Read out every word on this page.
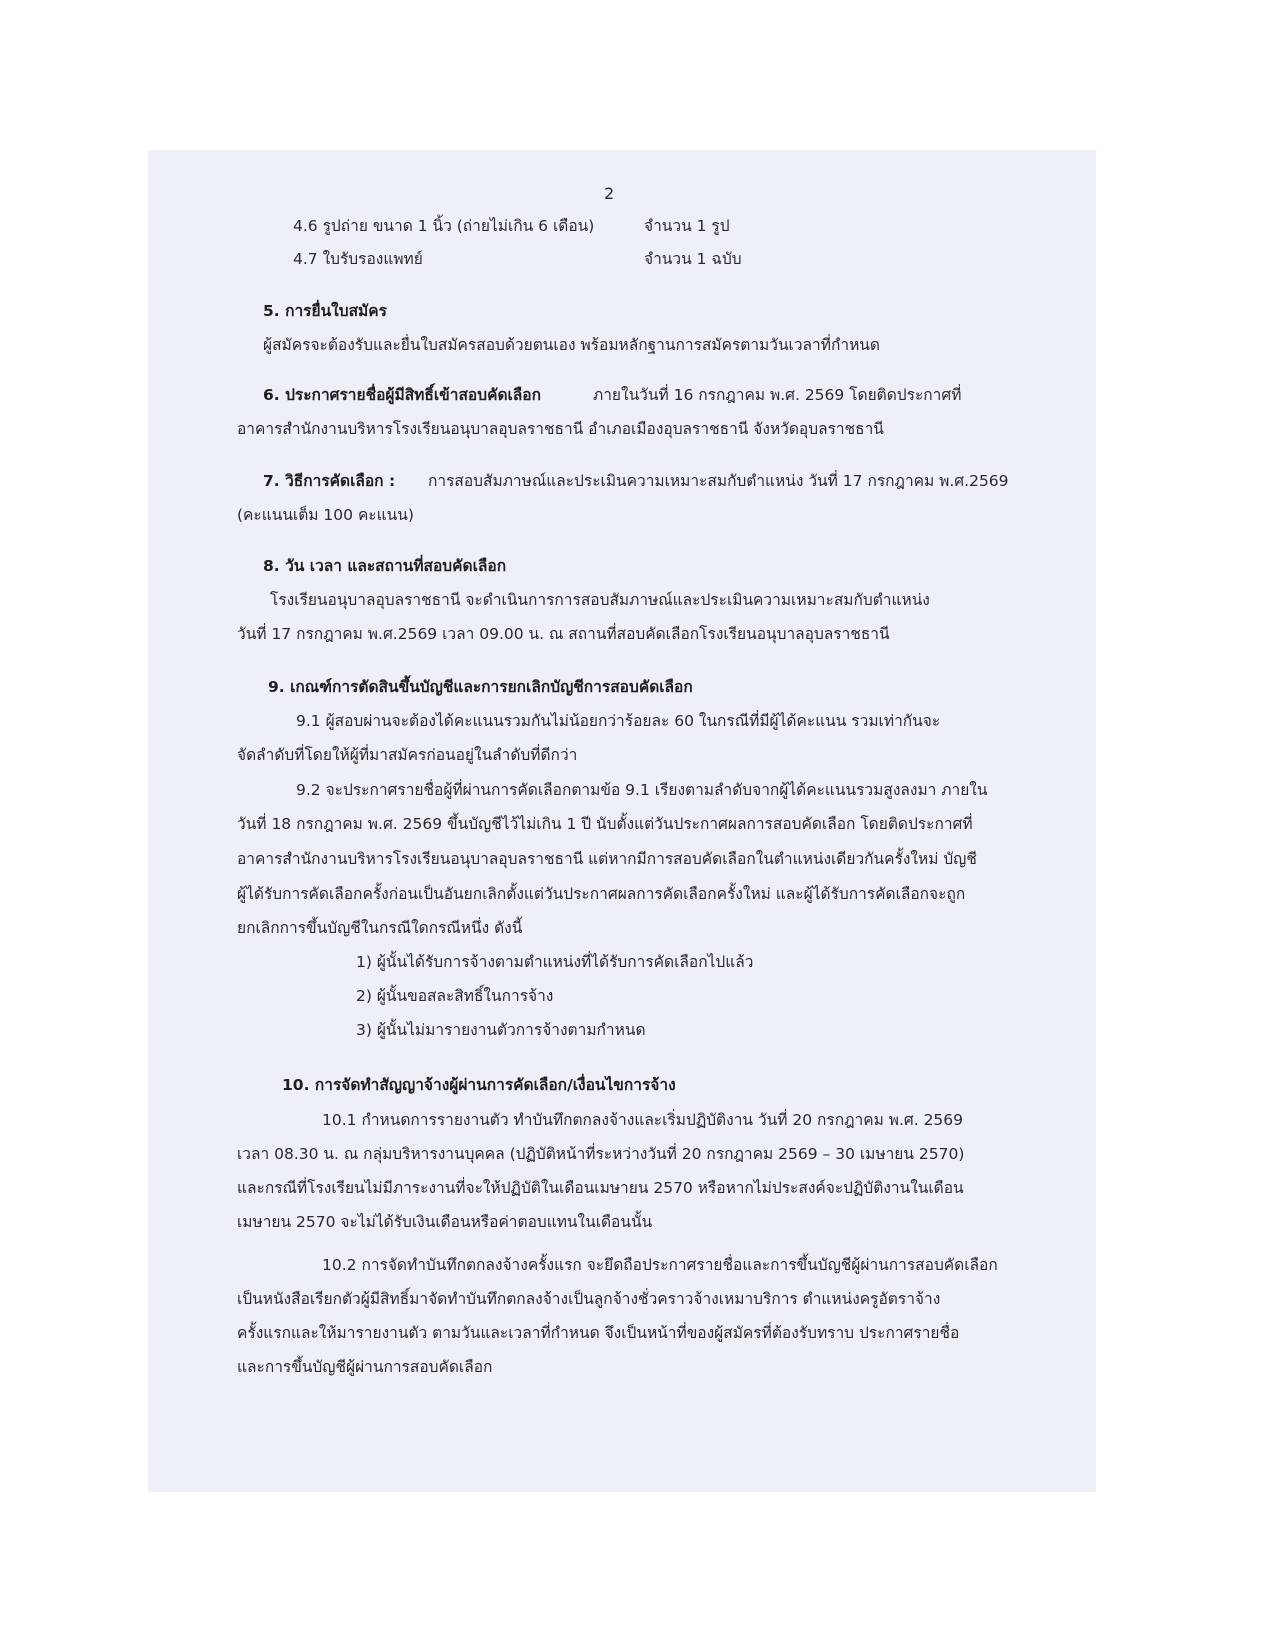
2
4.6 รูปถ่าย ขนาด 1 นิ้ว (ถ่ายไม่เกิน 6 เดือน)	จำนวน 1 รูป
4.7 ใบรับรองแพทย์	จำนวน 1 ฉบับ
5. การยื่นใบสมัคร
ผู้สมัครจะต้องรับและยื่นใบสมัครสอบด้วยตนเอง พร้อมหลักฐานการสมัครตามวันเวลาที่กำหนด
6. ประกาศรายชื่อผู้มีสิทธิ์เข้าสอบคัดเลือก	ภายในวันที่ 16 กรกฎาคม พ.ศ. 2569 โดยติดประกาศที่
อาคารสำนักงานบริหารโรงเรียนอนุบาลอุบลราชธานี อำเภอเมืองอุบลราชธานี จังหวัดอุบลราชธานี
7. วิธีการคัดเลือก : การสอบสัมภาษณ์และประเมินความเหมาะสมกับตำแหน่ง วันที่ 17 กรกฎาคม พ.ศ.2569
(คะแนนเต็ม 100 คะแนน)
8. วัน เวลา และสถานที่สอบคัดเลือก
โรงเรียนอนุบาลอุบลราชธานี จะดำเนินการการสอบสัมภาษณ์และประเมินความเหมาะสมกับตำแหน่ง
วันที่ 17 กรกฎาคม พ.ศ.2569 เวลา 09.00 น. ณ สถานที่สอบคัดเลือกโรงเรียนอนุบาลอุบลราชธานี
9. เกณฑ์การตัดสินขึ้นบัญชีและการยกเลิกบัญชีการสอบคัดเลือก
9.1 ผู้สอบผ่านจะต้องได้คะแนนรวมกันไม่น้อยกว่าร้อยละ 60 ในกรณีที่มีผู้ได้คะแนน รวมเท่ากันจะ
จัดลำดับที่โดยให้ผู้ที่มาสมัครก่อนอยู่ในลำดับที่ดีกว่า
9.2 จะประกาศรายชื่อผู้ที่ผ่านการคัดเลือกตามข้อ 9.1 เรียงตามลำดับจากผู้ได้คะแนนรวมสูงลงมา ภายใน
วันที่ 18 กรกฎาคม พ.ศ. 2569 ขึ้นบัญชีไว้ไม่เกิน 1 ปี นับตั้งแต่วันประกาศผลการสอบคัดเลือก โดยติดประกาศที่
อาคารสำนักงานบริหารโรงเรียนอนุบาลอุบลราชธานี แต่หากมีการสอบคัดเลือกในตำแหน่งเดียวกันครั้งใหม่ บัญชี
ผู้ได้รับการคัดเลือกครั้งก่อนเป็นอันยกเลิกตั้งแต่วันประกาศผลการคัดเลือกครั้งใหม่ และผู้ได้รับการคัดเลือกจะถูก
ยกเลิกการขึ้นบัญชีในกรณีใดกรณีหนึ่ง ดังนี้
1) ผู้นั้นได้รับการจ้างตามตำแหน่งที่ได้รับการคัดเลือกไปแล้ว
2) ผู้นั้นขอสละสิทธิ์ในการจ้าง
3) ผู้นั้นไม่มารายงานตัวการจ้างตามกำหนด
10. การจัดทำสัญญาจ้างผู้ผ่านการคัดเลือก/เงื่อนไขการจ้าง
10.1 กำหนดการรายงานตัว ทำบันทึกตกลงจ้างและเริ่มปฏิบัติงาน วันที่ 20 กรกฎาคม พ.ศ. 2569
เวลา 08.30 น. ณ กลุ่มบริหารงานบุคคล (ปฏิบัติหน้าที่ระหว่างวันที่ 20 กรกฎาคม 2569 – 30 เมษายน 2570)
และกรณีที่โรงเรียนไม่มีภาระงานที่จะให้ปฏิบัติในเดือนเมษายน 2570 หรือหากไม่ประสงค์จะปฏิบัติงานในเดือน
เมษายน 2570 จะไม่ได้รับเงินเดือนหรือค่าตอบแทนในเดือนนั้น
10.2 การจัดทำบันทึกตกลงจ้างครั้งแรก จะยึดถือประกาศรายชื่อและการขึ้นบัญชีผู้ผ่านการสอบคัดเลือก
เป็นหนังสือเรียกตัวผู้มีสิทธิ์มาจัดทำบันทึกตกลงจ้างเป็นลูกจ้างชั่วคราวจ้างเหมาบริการ ตำแหน่งครูอัตราจ้าง
ครั้งแรกและให้มารายงานตัว ตามวันและเวลาที่กำหนด จึงเป็นหน้าที่ของผู้สมัครที่ต้องรับทราบ ประกาศรายชื่อ
และการขึ้นบัญชีผู้ผ่านการสอบคัดเลือก
